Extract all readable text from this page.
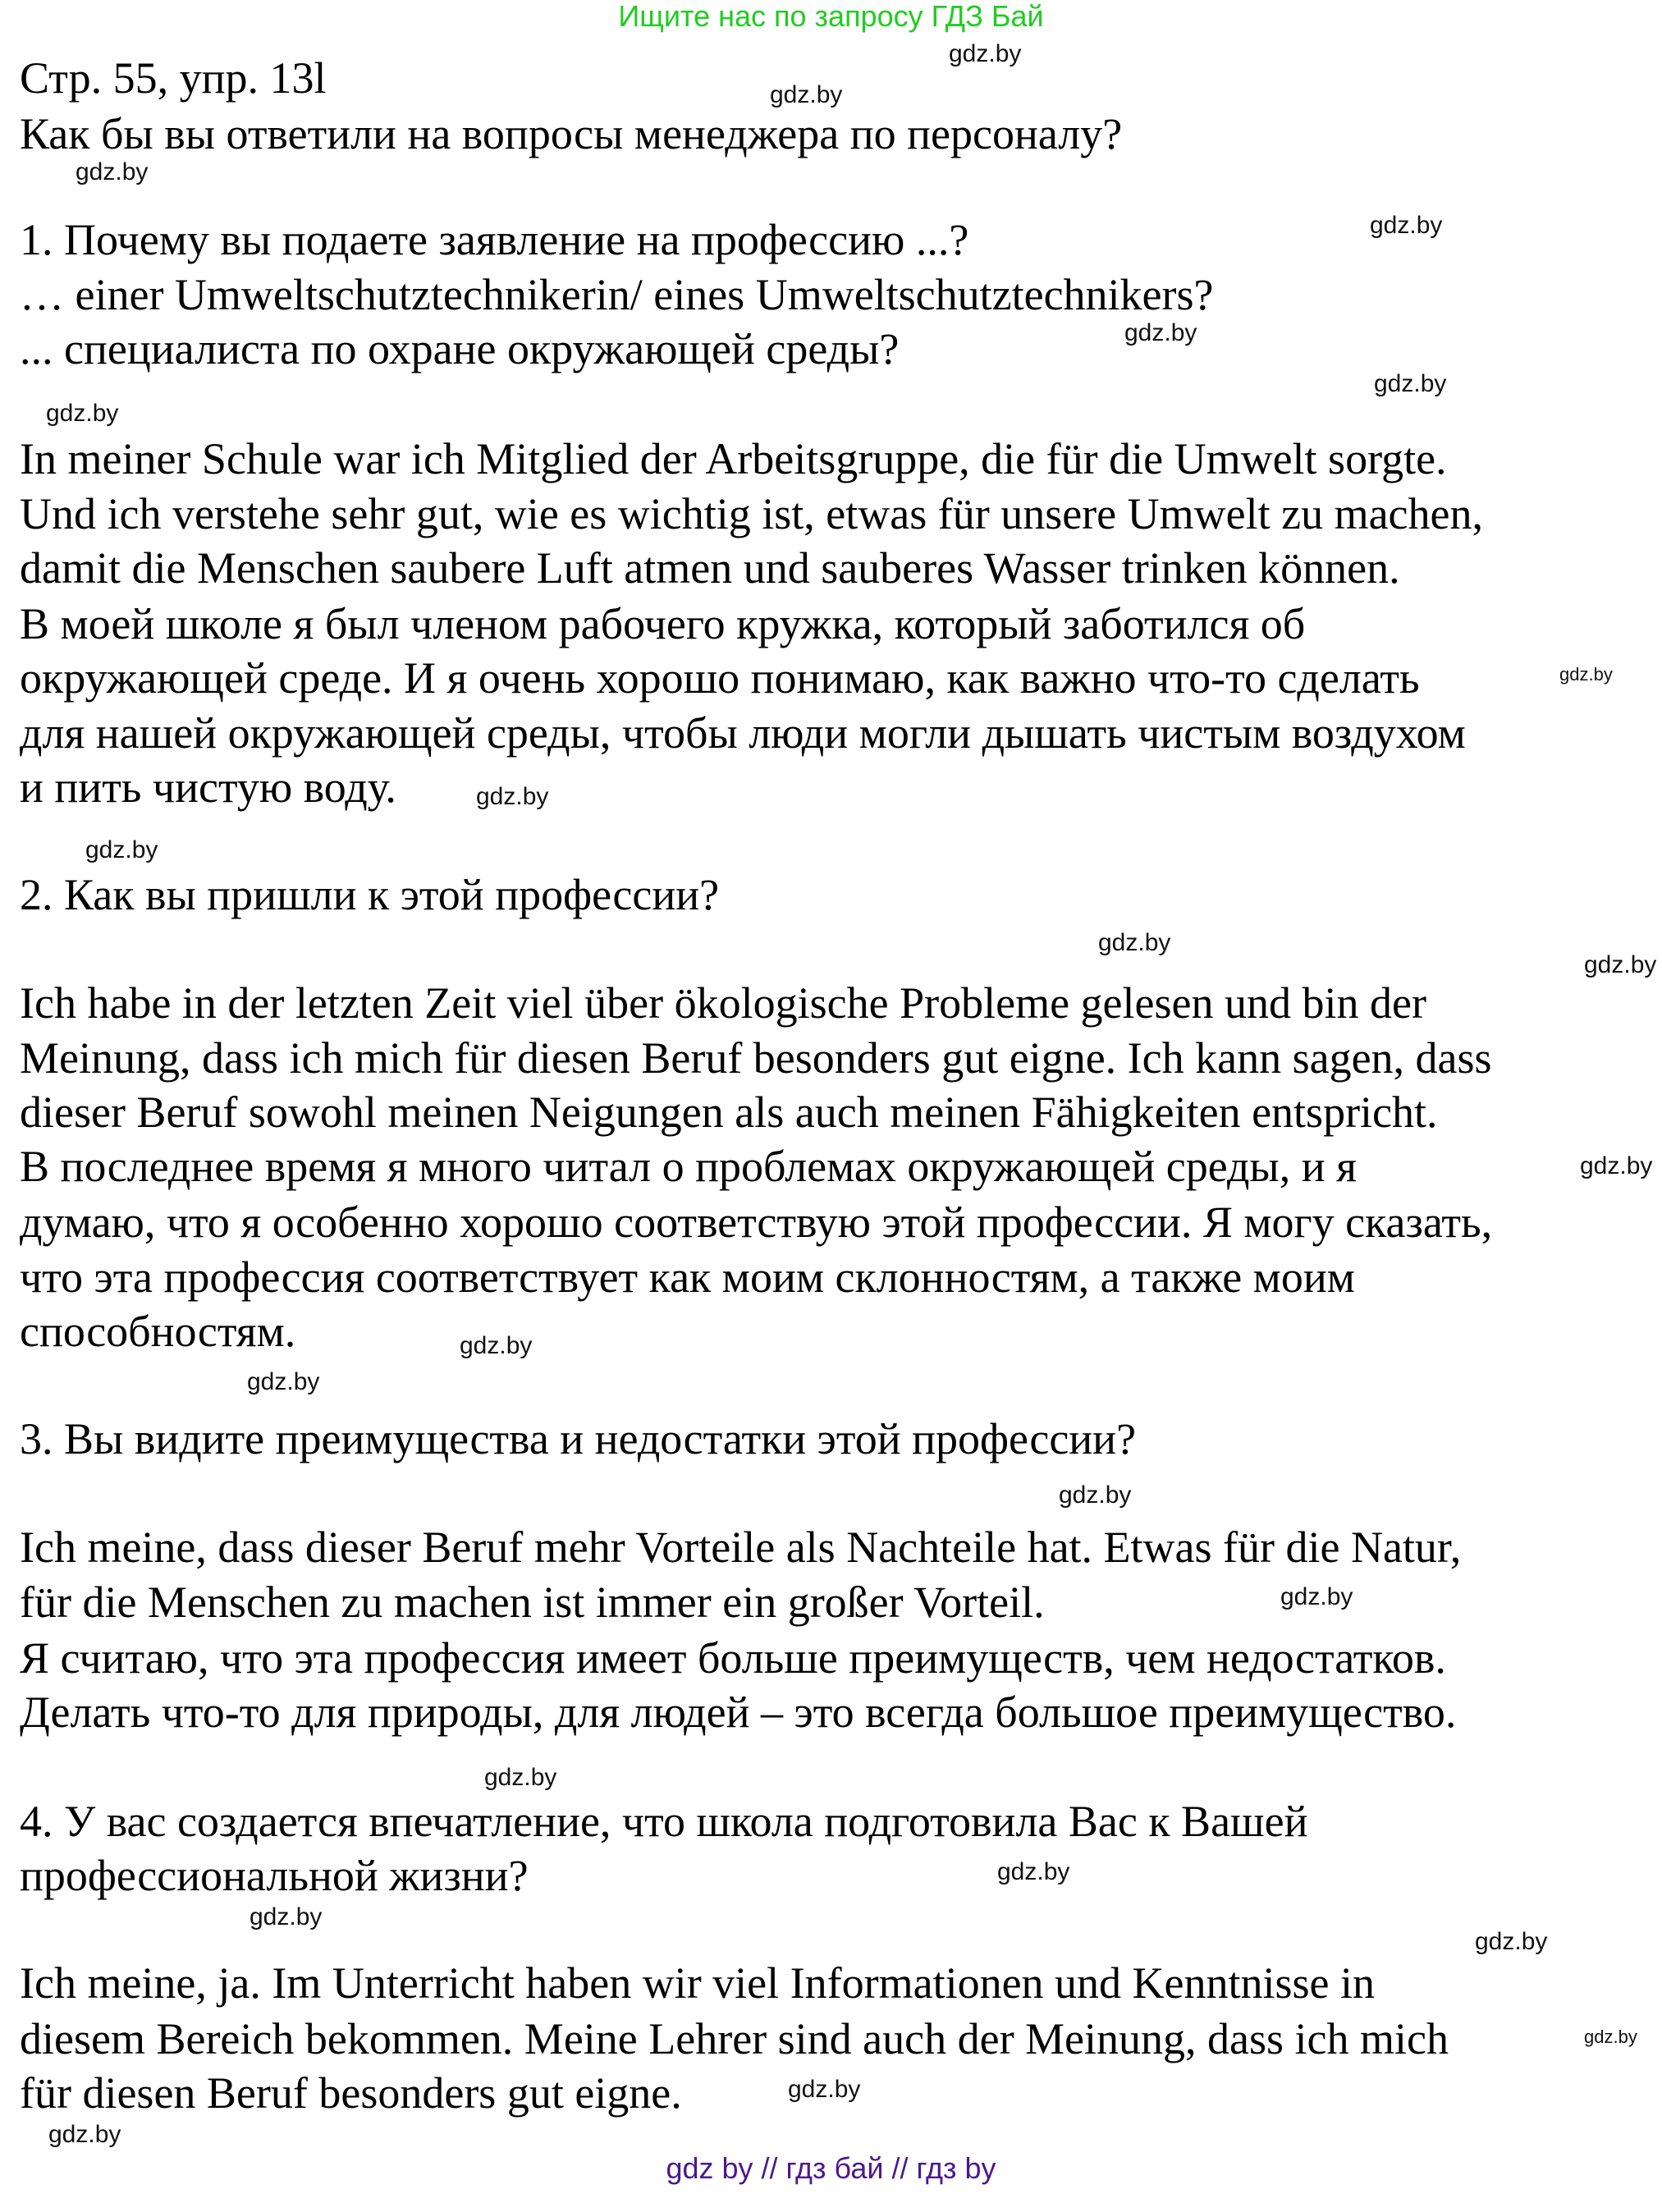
Ищите нас по запросу ГДЗ Бай
Стр. 55, упр. 13l
Как бы вы ответили на вопросы менеджера по персоналу?
1. Почему вы подаете заявление на профессию ...?
… einer Umweltschutztechnikerin/ eines Umweltschutztechnikers?
... специалиста по охране окружающей среды?
In meiner Schule war ich Mitglied der Arbeitsgruppe, die für die Umwelt sorgte.
Und ich verstehe sehr gut, wie es wichtig ist, etwas für unsere Umwelt zu machen,
damit die Menschen saubere Luft atmen und sauberes Wasser trinken können.
В моей школе я был членом рабочего кружка, который заботился об
окружающей среде. И я очень хорошо понимаю, как важно что-то сделать
для нашей окружающей среды, чтобы люди могли дышать чистым воздухом
и пить чистую воду.
2. Как вы пришли к этой профессии?
Ich habe in der letzten Zeit viel über ökologische Probleme gelesen und bin der
Meinung, dass ich mich für diesen Beruf besonders gut eigne. Ich kann sagen, dass
dieser Beruf sowohl meinen Neigungen als auch meinen Fähigkeiten entspricht.
В последнее время я много читал о проблемах окружающей среды, и я
думаю, что я особенно хорошо соответствую этой профессии. Я могу сказать,
что эта профессия соответствует как моим склонностям, а также моим
способностям.
3. Вы видите преимущества и недостатки этой профессии?
Ich meine, dass dieser Beruf mehr Vorteile als Nachteile hat. Etwas für die Natur,
für die Menschen zu machen ist immer ein großer Vorteil.
Я считаю, что эта профессия имеет больше преимуществ, чем недостатков.
Делать что-то для природы, для людей – это всегда большое преимущество.
4. У вас создается впечатление, что школа подготовила Вас к Вашей
профессиональной жизни?
Ich meine, ja. Im Unterricht haben wir viel Informationen und Kenntnisse in
diesem Bereich bekommen. Meine Lehrer sind auch der Meinung, dass ich mich
für diesen Beruf besonders gut eigne.
gdz.by
gdz.by
gdz.by
gdz.by
gdz.by
gdz.by
gdz.by
gdz.by
gdz.by
gdz.by
gdz.by
gdz.by
gdz.by
gdz.by
gdz.by
gdz.by
gdz.by
gdz.by
gdz.by
gdz.by
gdz.by
gdz.by
gdz.by
gdz.by
gdz by // гдз бай // гдз by
